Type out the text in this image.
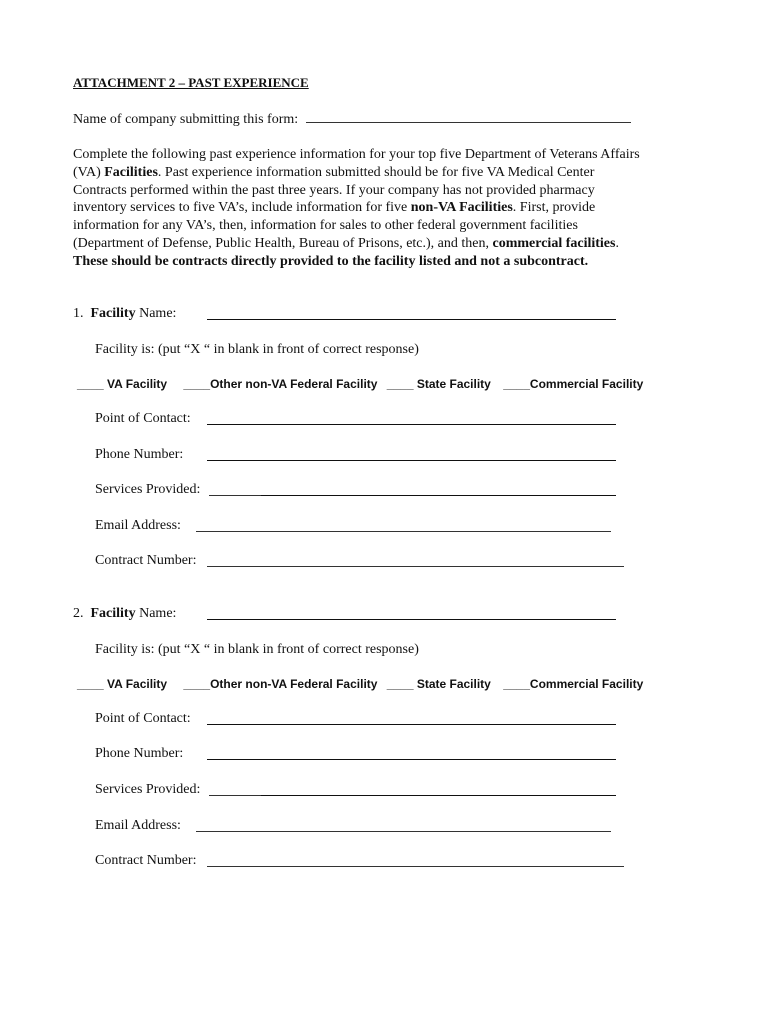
ATTACHMENT 2 – PAST EXPERIENCE
Name of company submitting this form:
Complete the following past experience information for your top five Department of Veterans Affairs
(VA) Facilities. Past experience information submitted should be for five VA Medical Center
Contracts performed within the past three years. If your company has not provided pharmacy
inventory services to five VA’s, include information for five non-VA Facilities. First, provide
information for any VA’s, then, information for sales to other federal government facilities
(Department of Defense, Public Health, Bureau of Prisons, etc.), and then, commercial facilities.
These should be contracts directly provided to the facility listed and not a subcontract.
1. Facility Name:
Facility is: (put “X “ in blank in front of correct response)
____ VA Facility ____Other non-VA Federal Facility ____ State Facility ____Commercial Facility
Point of Contact:
Phone Number:
Services Provided:
Email Address:
Contract Number:
2. Facility Name:
Facility is: (put “X “ in blank in front of correct response)
____ VA Facility ____Other non-VA Federal Facility ____ State Facility ____Commercial Facility
Point of Contact:
Phone Number:
Services Provided:
Email Address:
Contract Number:
